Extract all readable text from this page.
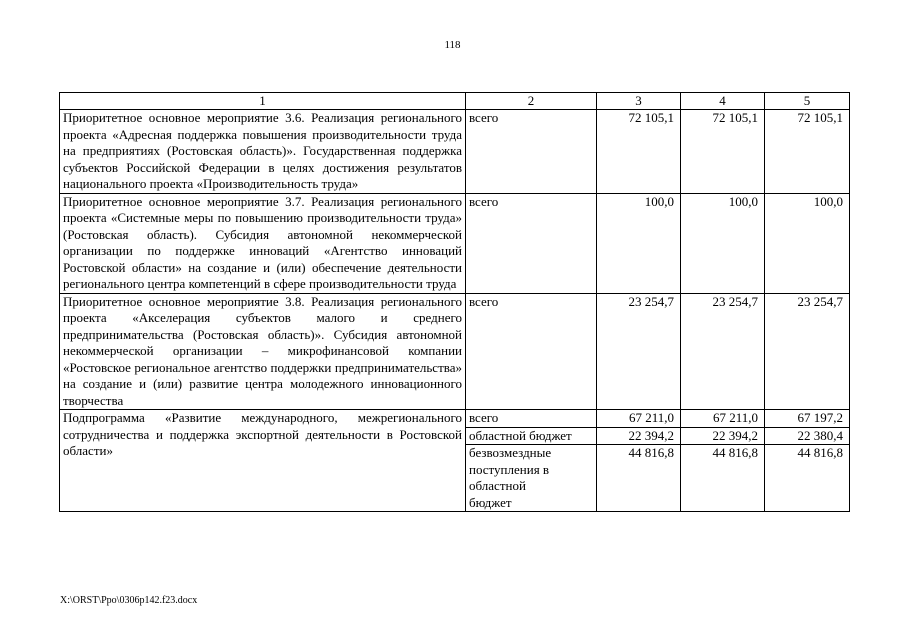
118
1	2	3	4	5
Приоритетное основное мероприятие 3.6. Реализация регионального проекта «Адресная поддержка повышения производительности труда на предприятиях (Ростовская область)». Государственная поддержка субъектов Российской Федерации в целях достижения результатов национального проекта «Производительность труда»	всего	72 105,1	72 105,1	72 105,1
Приоритетное основное мероприятие 3.7. Реализация регионального проекта «Системные меры по повышению производительности труда» (Ростовская область). Субсидия автономной некоммерческой организации по поддержке инноваций «Агентство инноваций Ростовской области» на создание и (или) обеспечение деятельности регионального центра компетенций в сфере производительности труда	всего	100,0	100,0	100,0
Приоритетное основное мероприятие 3.8. Реализация регионального проекта «Акселерация субъектов малого и среднего предпринимательства (Ростовская область)». Субсидия автономной некоммерческой организации – микрофинансовой компании «Ростовское региональное агентство поддержки предпринимательства» на создание и (или) развитие центра молодежного инновационного творчества	всего	23 254,7	23 254,7	23 254,7
Подпрограмма «Развитие международного, межрегионального сотрудничества и поддержка экспортной деятельности в Ростовской области»	всего	67 211,0	67 211,0	67 197,2
	областной бюджет	22 394,2	22 394,2	22 380,4
	безвозмездные поступления в областной бюджет	44 816,8	44 816,8	44 816,8
X:\ORST\Ppo\0306p142.f23.docx
